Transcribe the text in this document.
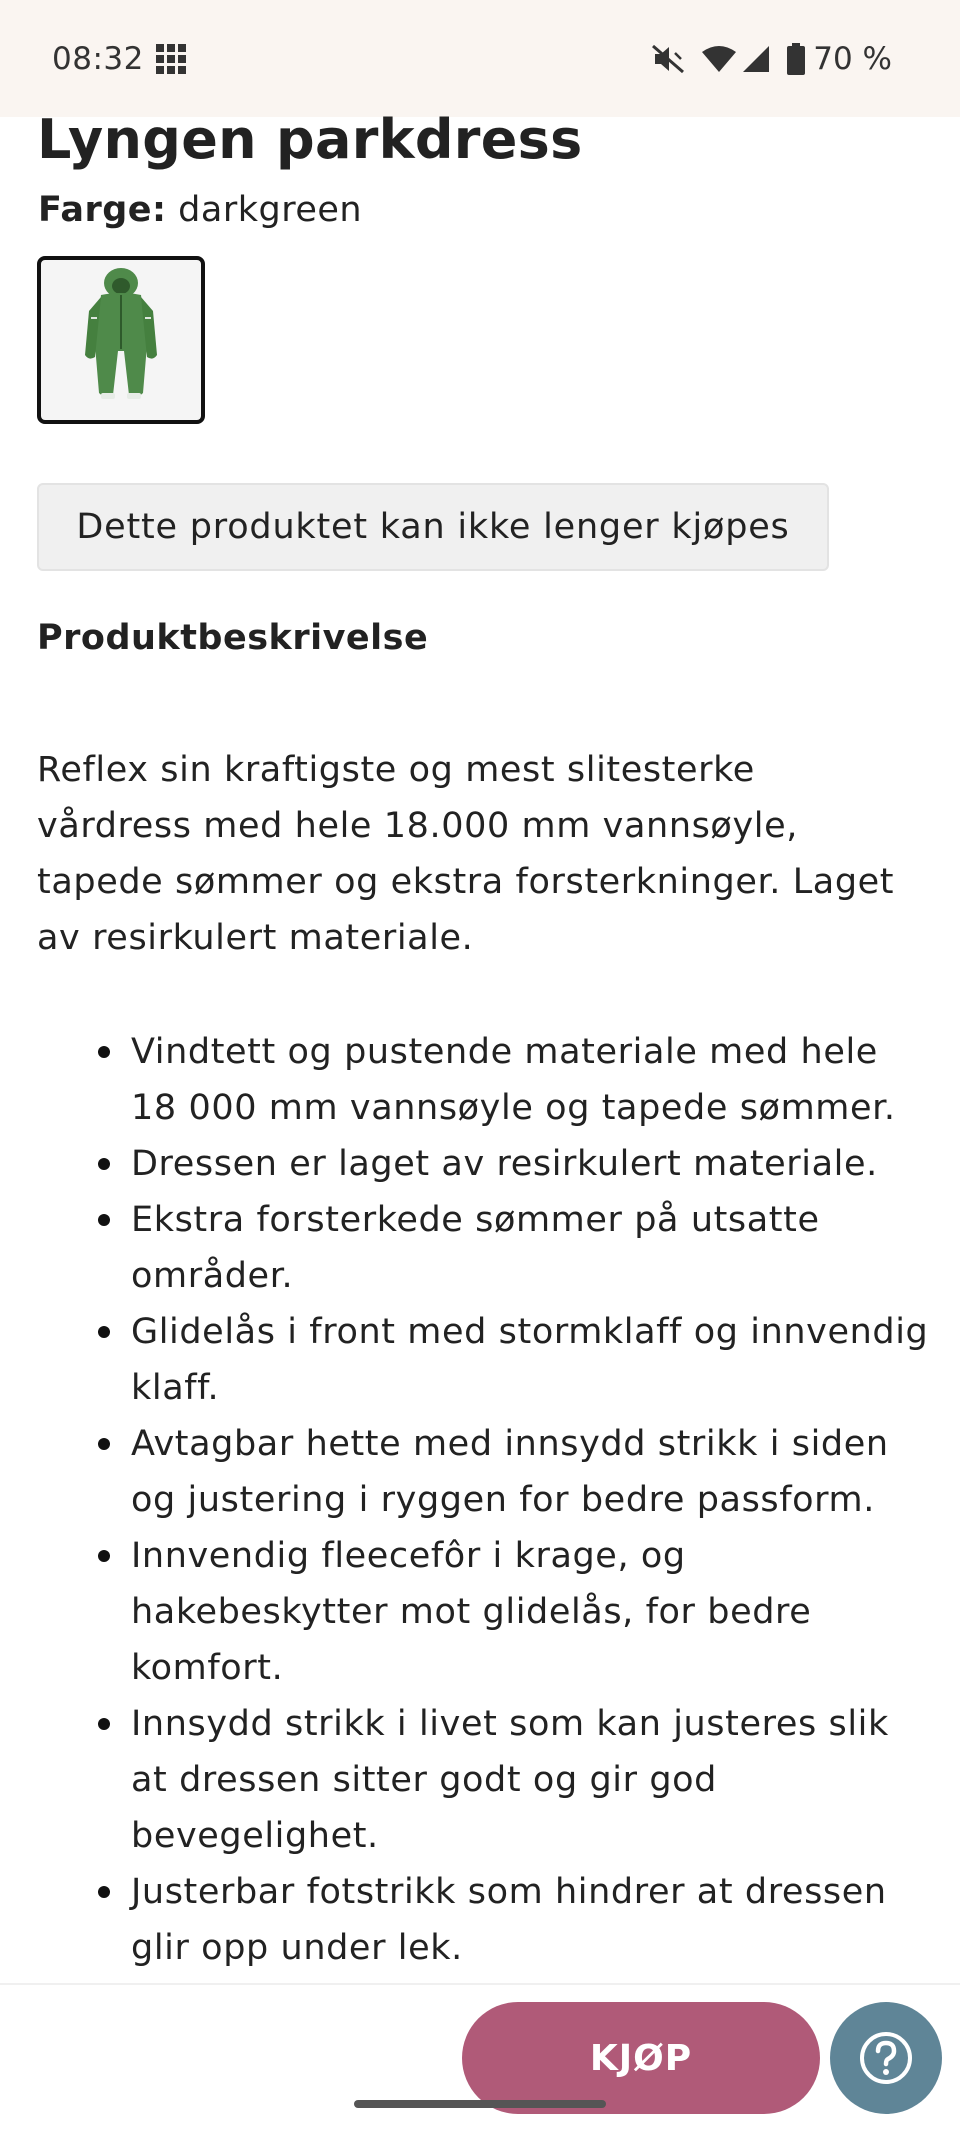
08:32	70 %
Lyngen parkdress
Farge: darkgreen
Dette produktet kan ikke lenger kjøpes
Produktbeskrivelse

Reflex sin kraftigste og mest slitesterke vårdress med hele 18.000 mm vannsøyle, tapede sømmer og ekstra forsterkninger. Laget av resirkulert materiale.

Vindtett og pustende materiale med hele 18 000 mm vannsøyle og tapede sømmer.
Dressen er laget av resirkulert materiale.
Ekstra forsterkede sømmer på utsatte områder.
Glidelås i front med stormklaff og innvendig klaff.
Avtagbar hette med innsydd strikk i siden og justering i ryggen for bedre passform.
Innvendig fleecefôr i krage, og hakebeskytter mot glidelås, for bedre komfort.
Innsydd strikk i livet som kan justeres slik at dressen sitter godt og gir god bevegelighet.
Justerbar fotstrikk som hindrer at dressen glir opp under lek.
KJØP
